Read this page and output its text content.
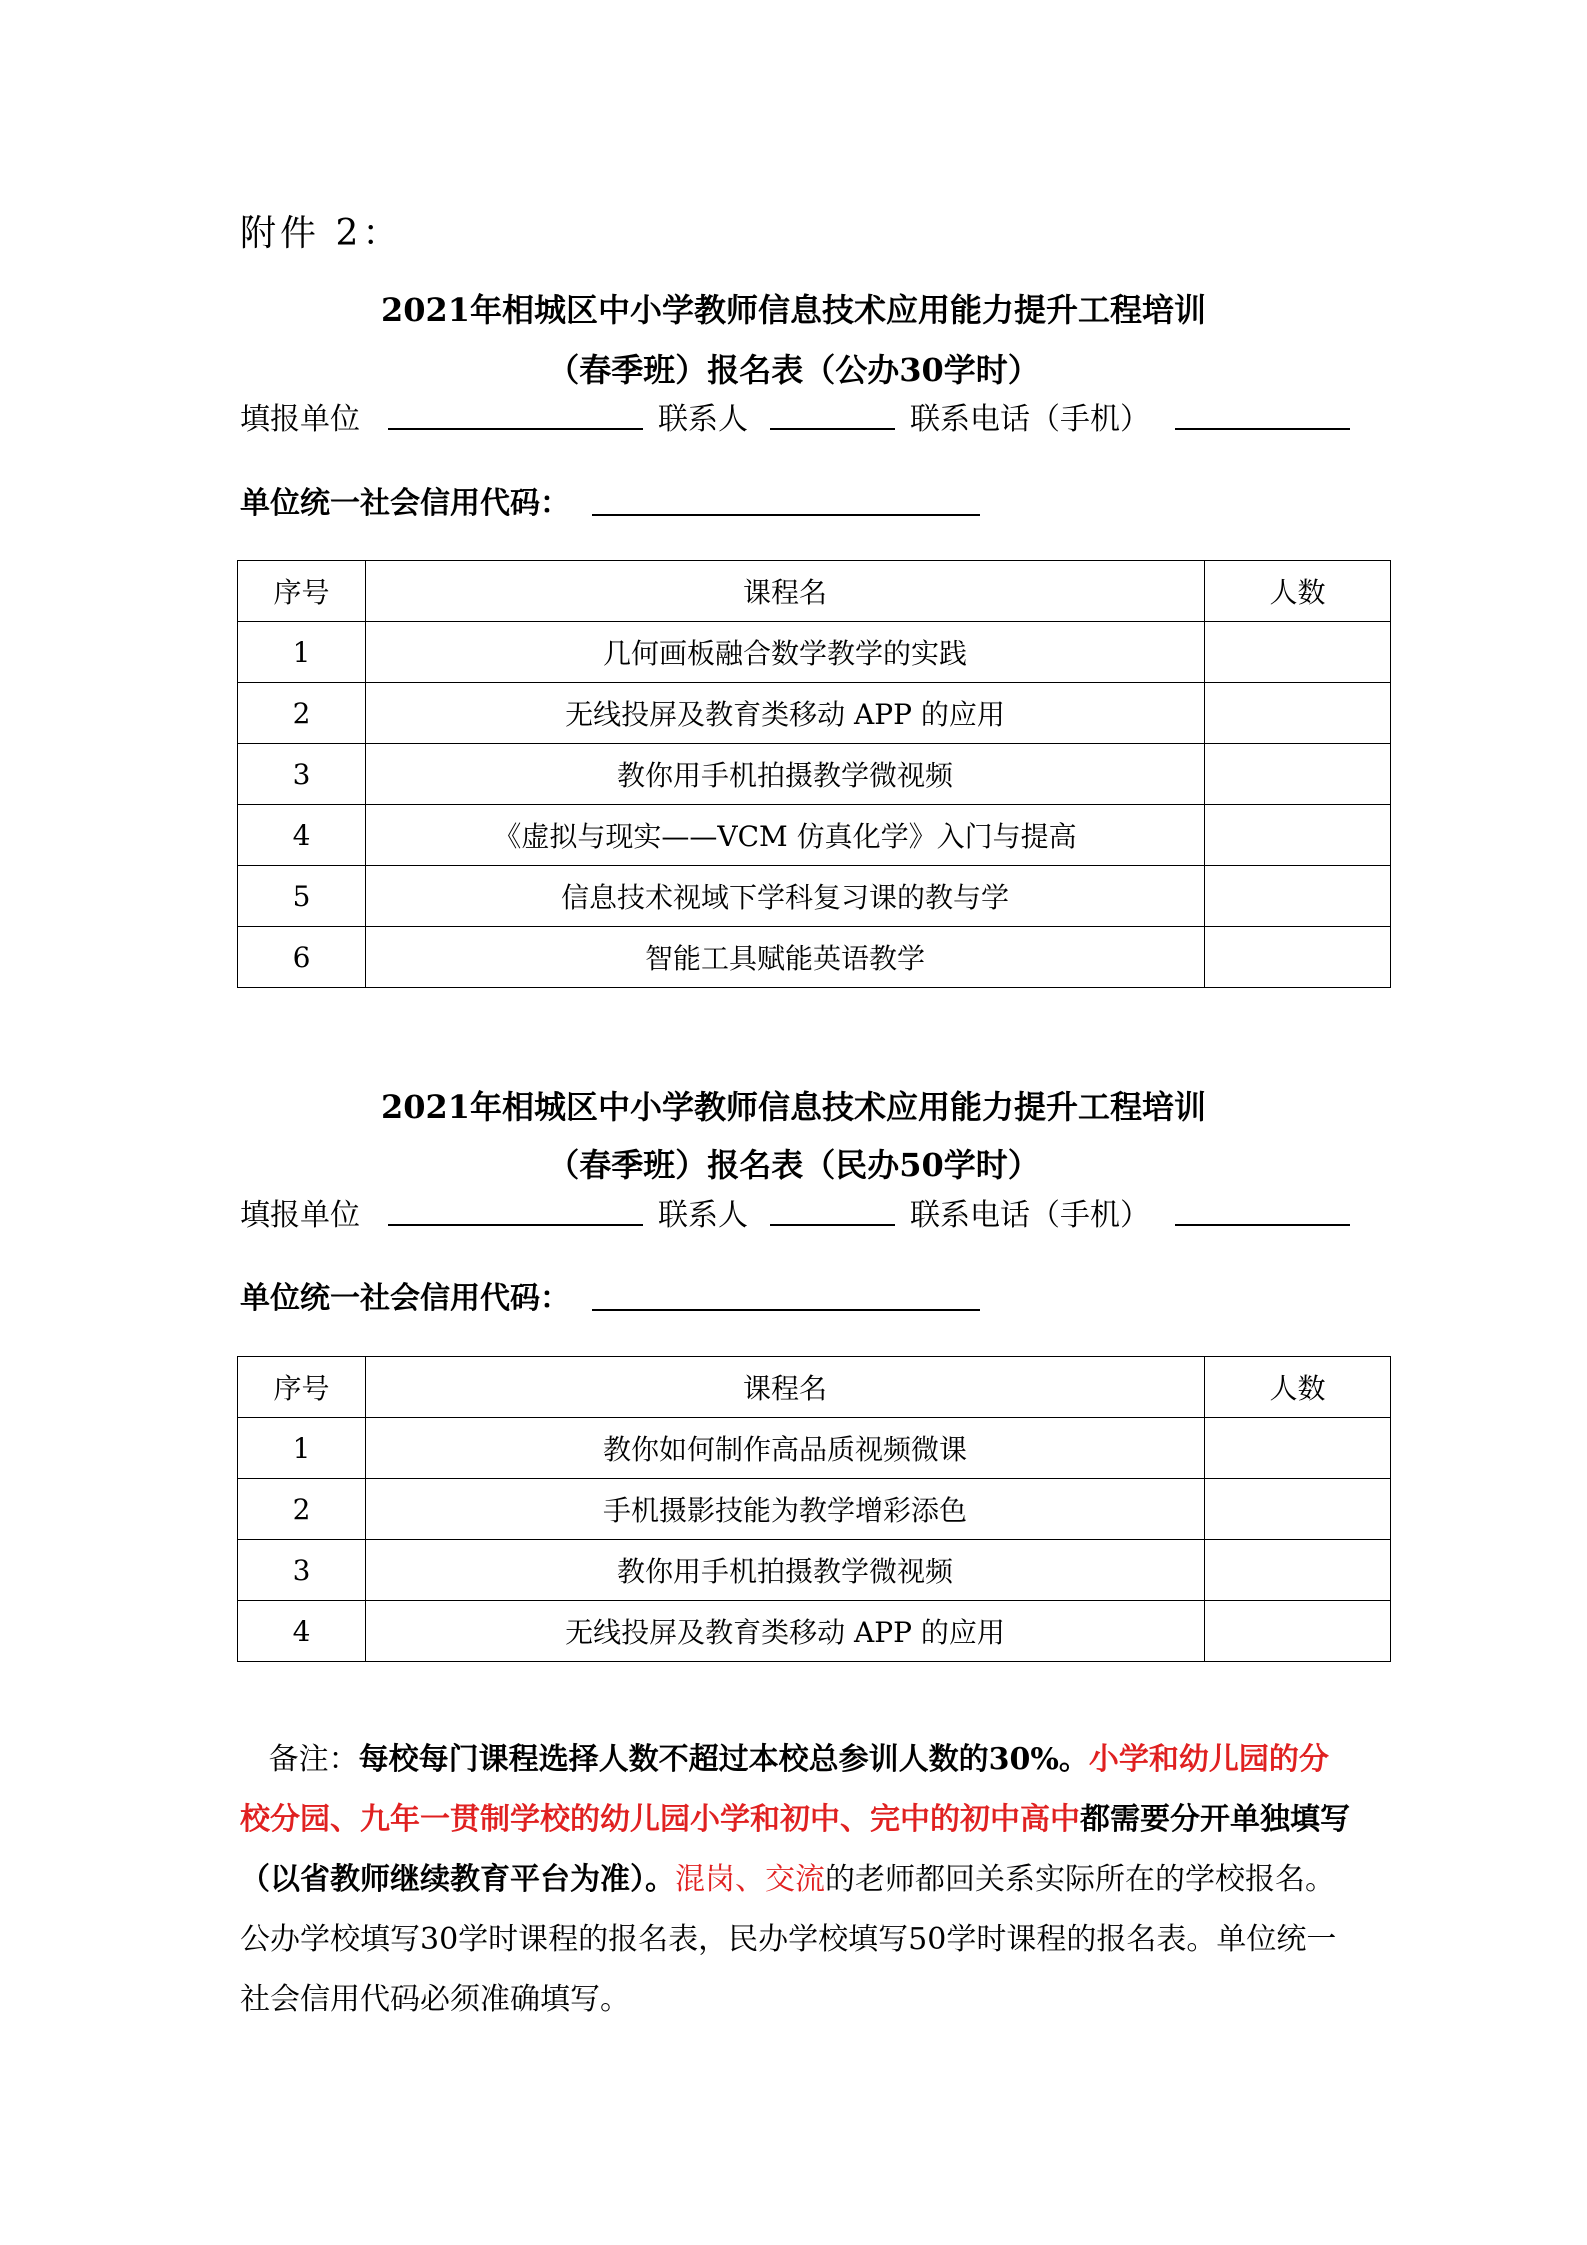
附件 2：
2021年相城区中小学教师信息技术应用能力提升工程培训
（春季班）报名表（公办30学时）
填报单位	联系人	联系电话（手机）
单位统一社会信用代码：
序号	课程名	人数
1	几何画板融合数学教学的实践	
2	无线投屏及教育类移动 APP 的应用	
3	教你用手机拍摄教学微视频	
4	《虚拟与现实——VCM 仿真化学》入门与提高	
5	信息技术视域下学科复习课的教与学	
6	智能工具赋能英语教学	
2021年相城区中小学教师信息技术应用能力提升工程培训
（春季班）报名表（民办50学时）
填报单位	联系人	联系电话（手机）
单位统一社会信用代码：
序号	课程名	人数
1	教你如何制作高品质视频微课	
2	手机摄影技能为教学增彩添色	
3	教你用手机拍摄教学微视频	
4	无线投屏及教育类移动 APP 的应用	

备注：每校每门课程选择人数不超过本校总参训人数的30%。小学和幼儿园的分校分园、九年一贯制学校的幼儿园小学和初中、完中的初中高中都需要分开单独填写（以省教师继续教育平台为准）。混岗、交流的老师都回关系实际所在的学校报名。公办学校填写30学时课程的报名表，民办学校填写50学时课程的报名表。单位统一社会信用代码必须准确填写。
